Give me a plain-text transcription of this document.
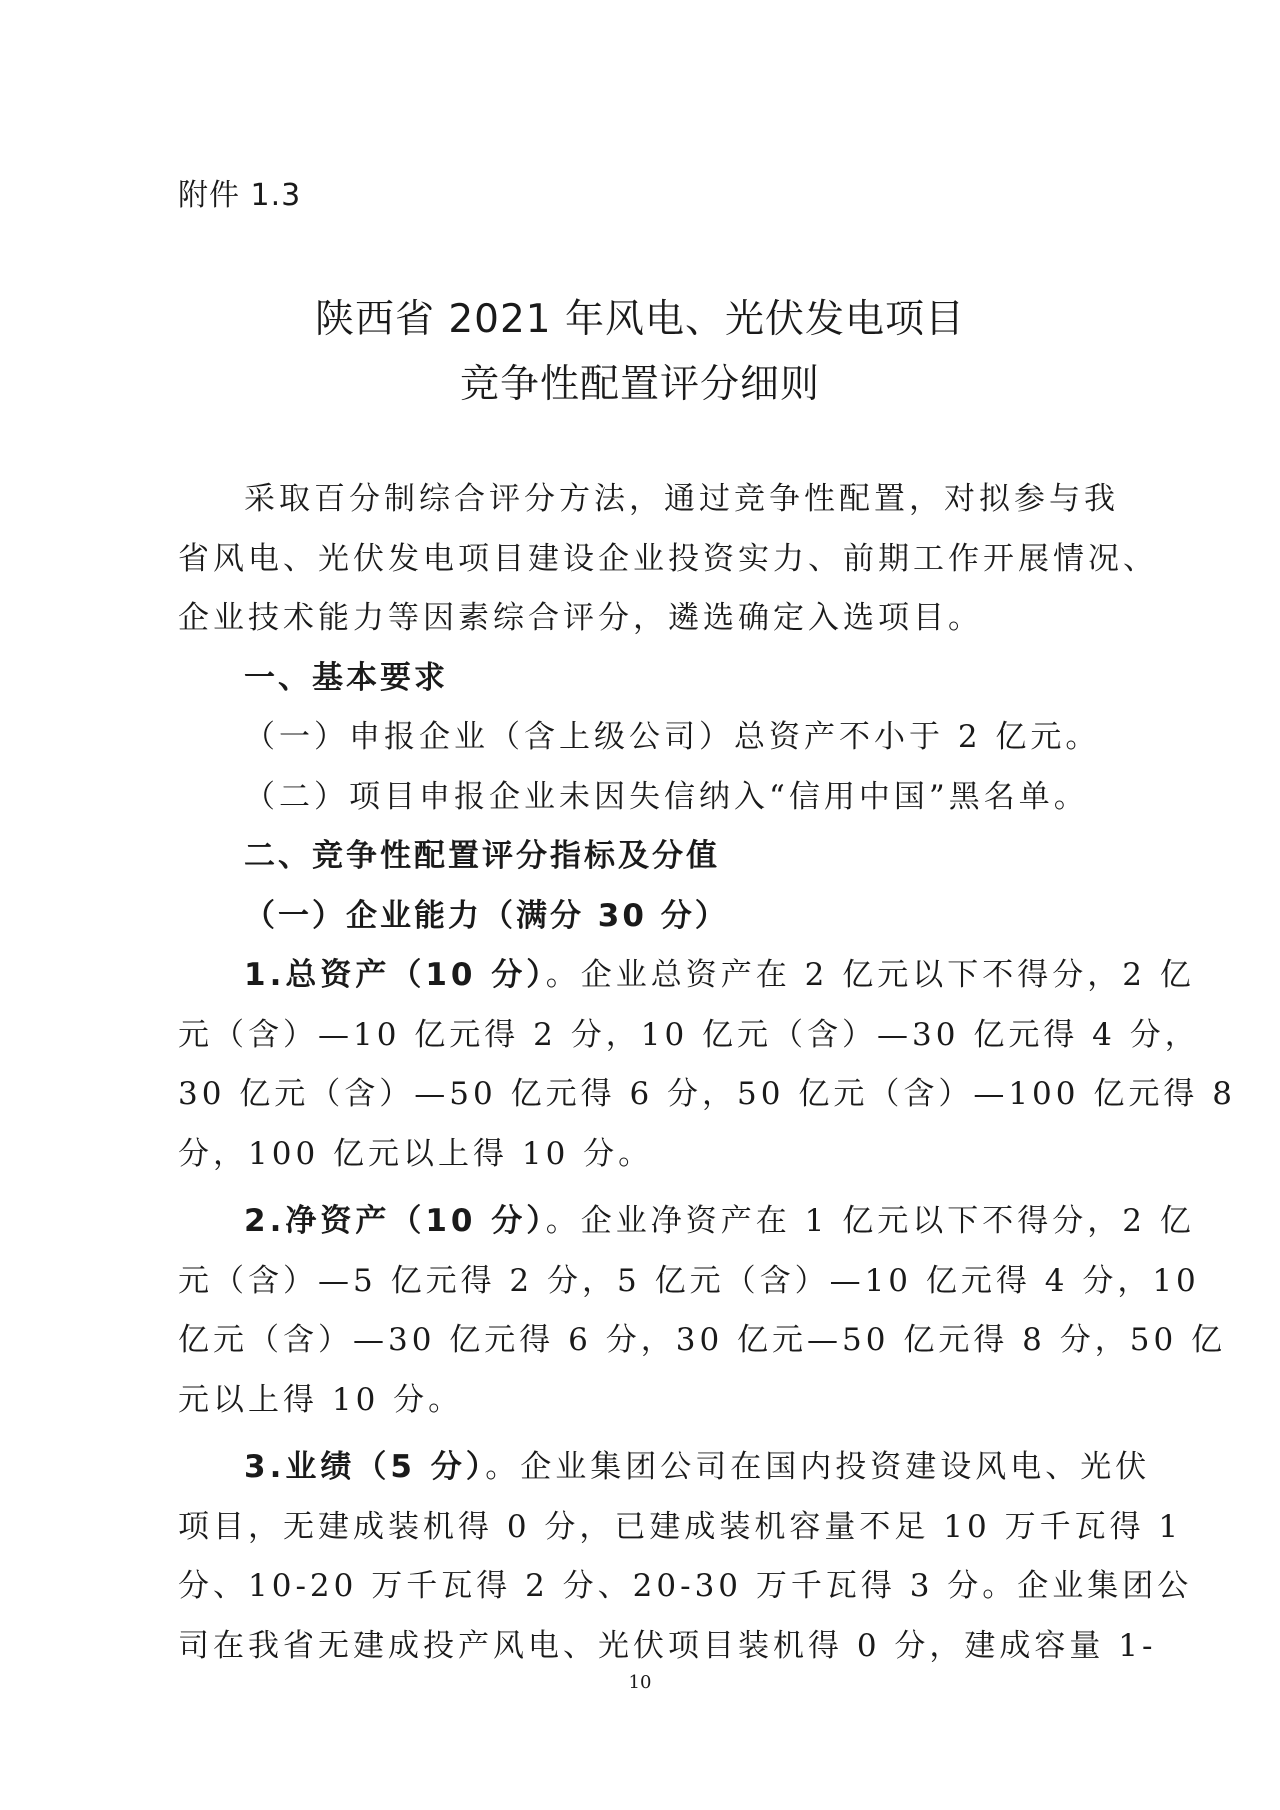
附件 1.3
陕西省 2021 年风电、光伏发电项目
竞争性配置评分细则
采取百分制综合评分方法，通过竞争性配置，对拟参与我
省风电、光伏发电项目建设企业投资实力、前期工作开展情况、
企业技术能力等因素综合评分，遴选确定入选项目。
一、基本要求
（一）申报企业（含上级公司）总资产不小于 2 亿元。
（二）项目申报企业未因失信纳入“信用中国”黑名单。
二、竞争性配置评分指标及分值
（一）企业能力（满分 30 分）
1.总资产（10 分）。企业总资产在 2 亿元以下不得分，2 亿
元（含）—10 亿元得 2 分，10 亿元（含）—30 亿元得 4 分，
30 亿元（含）—50 亿元得 6 分，50 亿元（含）—100 亿元得 8
分，100 亿元以上得 10 分。
2.净资产（10 分）。企业净资产在 1 亿元以下不得分，2 亿
元（含）—5 亿元得 2 分，5 亿元（含）—10 亿元得 4 分，10
亿元（含）—30 亿元得 6 分，30 亿元—50 亿元得 8 分，50 亿
元以上得 10 分。
3.业绩（5 分）。企业集团公司在国内投资建设风电、光伏
项目，无建成装机得 0 分，已建成装机容量不足 10 万千瓦得 1
分、10-20 万千瓦得 2 分、20-30 万千瓦得 3 分。企业集团公
司在我省无建成投产风电、光伏项目装机得 0 分，建成容量 1-
10
